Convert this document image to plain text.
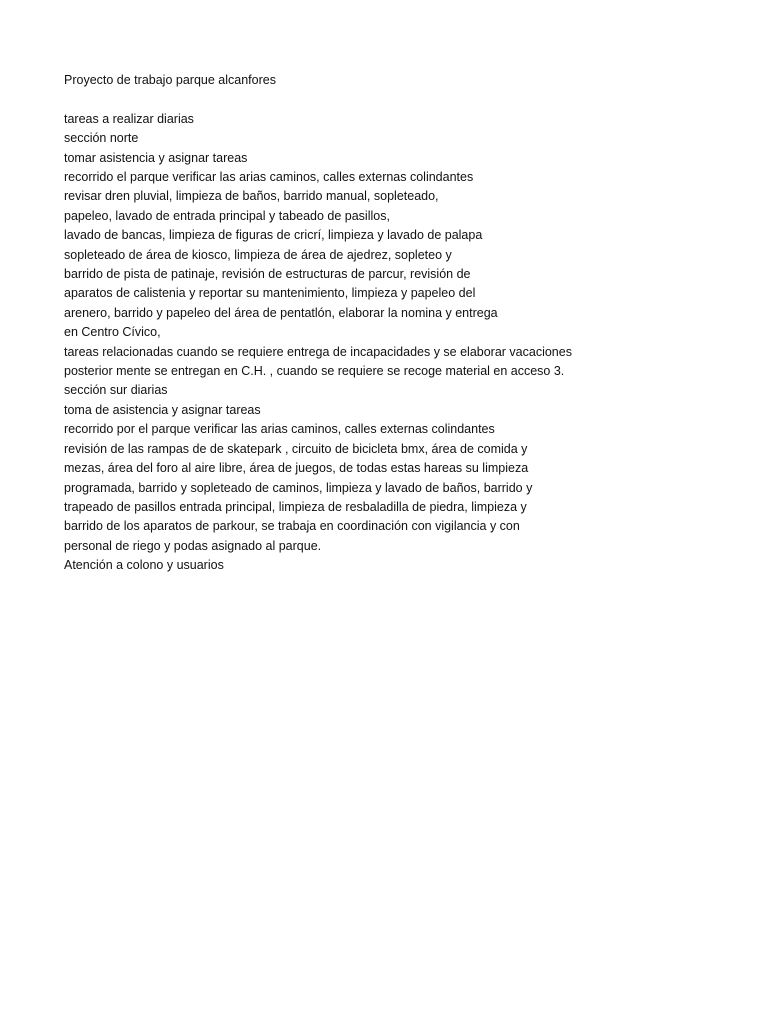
Proyecto de trabajo parque alcanfores

tareas a realizar diarias

sección norte

tomar asistencia y asignar tareas

recorrido el parque verificar las arias caminos, calles externas colindantes

revisar dren pluvial, limpieza de baños, barrido manual, sopleteado,

papeleo, lavado de entrada principal y tabeado de pasillos,

lavado de bancas, limpieza de figuras de cricrí, limpieza y lavado de palapa

sopleteado de área de kiosco, limpieza de área de ajedrez, sopleteo y

barrido de pista de patinaje, revisión de estructuras de parcur, revisión de

aparatos de calistenia y reportar su mantenimiento, limpieza y papeleo del

arenero, barrido y papeleo del área de pentatlón, elaborar la nomina y entrega

en Centro Cívico,

tareas relacionadas cuando se requiere entrega de incapacidades y se elaborar vacaciones

posterior mente se entregan en C.H. , cuando se requiere se recoge material en acceso 3.

sección sur diarias

toma de asistencia y asignar tareas

recorrido por el parque verificar las arias caminos, calles externas colindantes

revisión de las rampas de de skatepark , circuito de bicicleta bmx, área de comida y

mezas, área del foro al aire libre, área de juegos, de todas estas hareas su limpieza

programada, barrido y sopleteado de caminos, limpieza y lavado de baños, barrido y

trapeado de pasillos entrada principal, limpieza de resbaladilla de piedra, limpieza y

barrido de los aparatos de parkour, se trabaja en coordinación con vigilancia y con

personal de riego y podas asignado al parque.

Atención a colono y usuarios
